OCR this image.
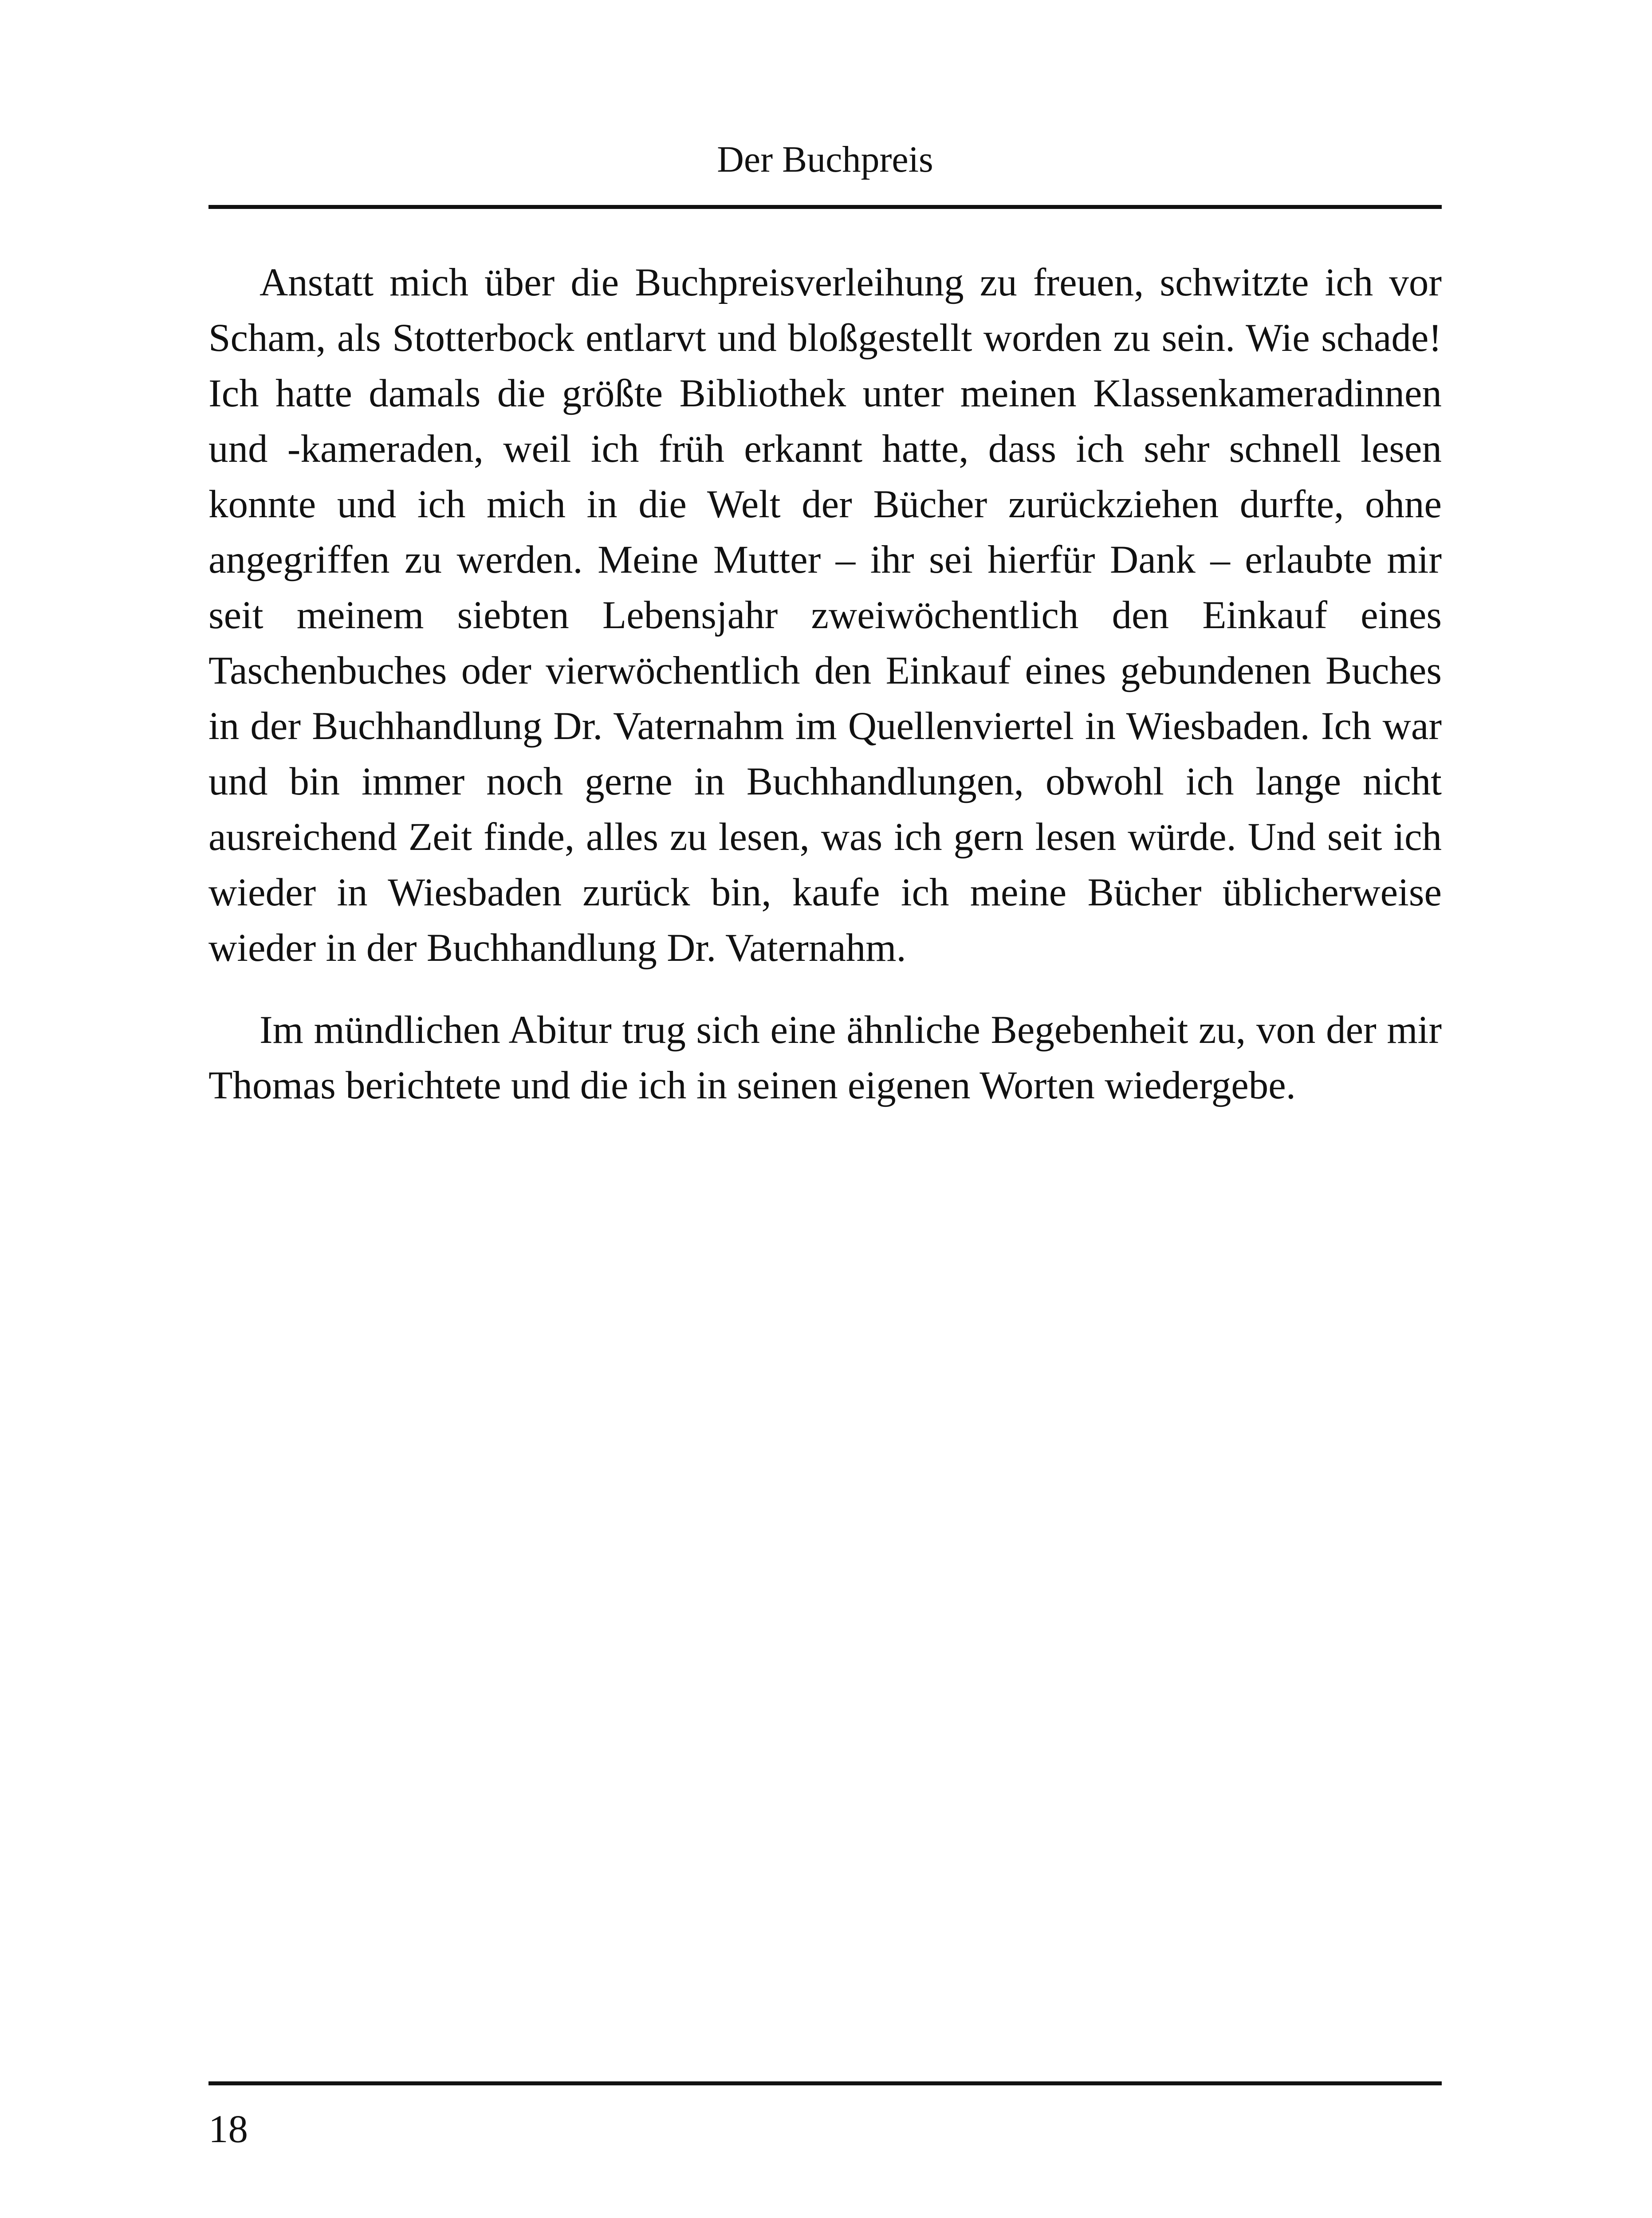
Der Buchpreis

Anstatt mich über die Buchpreisverleihung zu freuen, schwitzte ich vor Scham, als Stotterbock entlarvt und bloßgestellt worden zu sein. Wie schade! Ich hatte damals die größte Bibliothek unter meinen Klassenkameradinnen und -kameraden, weil ich früh erkannt hatte, dass ich sehr schnell lesen konnte und ich mich in die Welt der Bücher zurückziehen durfte, ohne angegriffen zu werden. Meine Mutter – ihr sei hierfür Dank – erlaubte mir seit meinem siebten Lebensjahr zweiwöchentlich den Einkauf eines Taschenbuches oder vierwöchentlich den Einkauf eines gebundenen Buches in der Buchhandlung Dr. Vaternahm im Quellenviertel in Wiesbaden. Ich war und bin immer noch gerne in Buchhandlungen, obwohl ich lange nicht ausreichend Zeit finde, alles zu lesen, was ich gern lesen würde. Und seit ich wieder in Wiesbaden zurück bin, kaufe ich meine Bücher üblicherweise wieder in der Buchhandlung Dr. Vaternahm.

Im mündlichen Abitur trug sich eine ähnliche Begebenheit zu, von der mir Thomas berichtete und die ich in seinen eigenen Worten wiedergebe.

18
